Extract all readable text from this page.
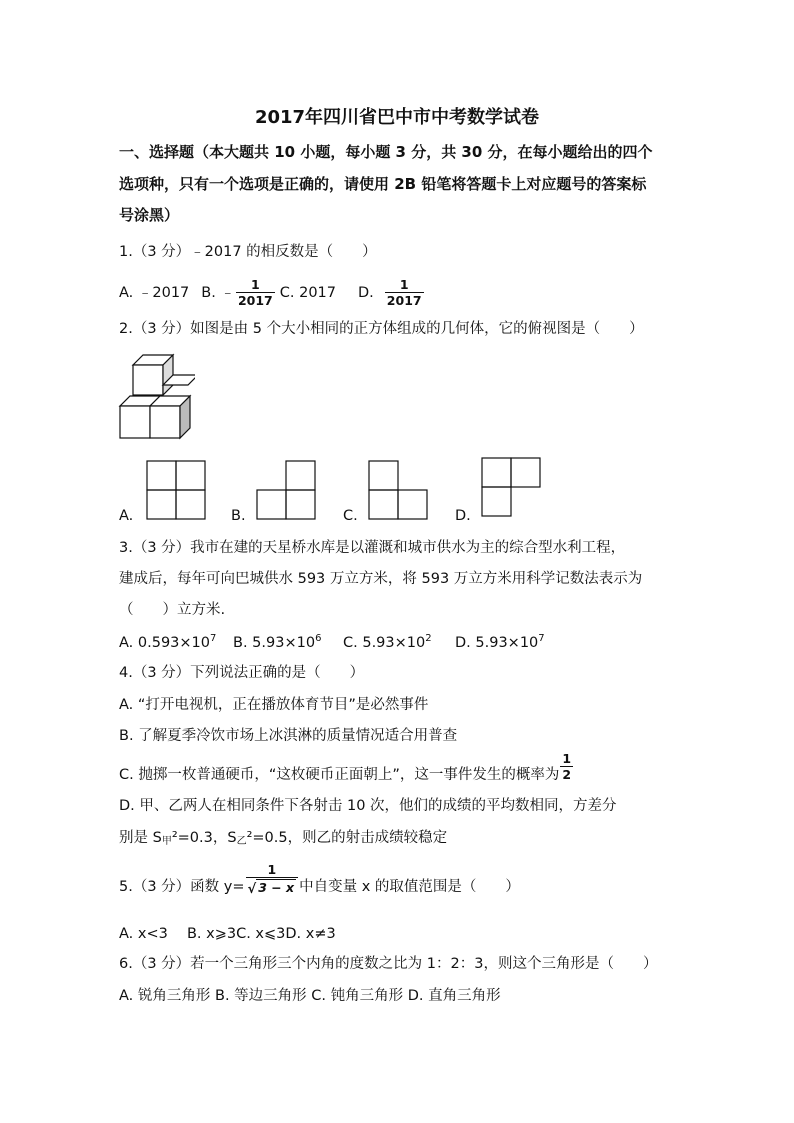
2017年四川省巴中市中考数学试卷
一、选择题（本大题共 10 小题，每小题 3 分，共 30 分，在每小题给出的四个
选项种，只有一个选项是正确的，请使用 2B 铅笔将答题卡上对应题号的答案标
号涂黑）
1.（3 分）﹣2017 的相反数是（　　）
A. ﹣2017 B. ﹣ $\frac{1}{2017} C$. 2017 D. $\frac{1}{2017}$
2.（3 分）如图是由 5 个大小相同的正方体组成的几何体，它的俯视图是（　　）
A.	B.	C.	D.
3.（3 分）我市在建的天星桥水库是以灌溉和城市供水为主的综合型水利工程，
建成后，每年可向巴城供水 593 万立方米，将 593 万立方米用科学记数法表示为
（　　）立方米.
A. $0.593\times 10^7$ B. $5.93\times 10^6$ C. $5.93\times 10^2$ D. $5.93\times 10^7$
4.（3 分）下列说法正确的是（　　）
A. “打开电视机，正在播放体育节目”是必然事件
B. 了解夏季冷饮市场上冰淇淋的质量情况适合用普查
C. 抛掷一枚普通硬币，“这枚硬币正面朝上”，这一事件发生的概率为 $\frac{1}{2}$
D. 甲、乙两人在相同条件下各射击 10 次，他们的成绩的平均数相同，方差分
别是 $S_甲^2=0.3$，$S_乙^2=0.5$，则乙的射击成绩较稳定
5.（3 分）函数 $y= \frac{1}{√ 3 - x}$ 中自变量 x 的取值范围是（　　）
A. x<3　 B. x⩾3C. x⩽3D. x≠3
6.（3 分）若一个三角形三个内角的度数之比为 1：2：3，则这个三角形是（　　）
A. 锐角三角形 B. 等边三角形 C. 钝角三角形 D. 直角三角形
